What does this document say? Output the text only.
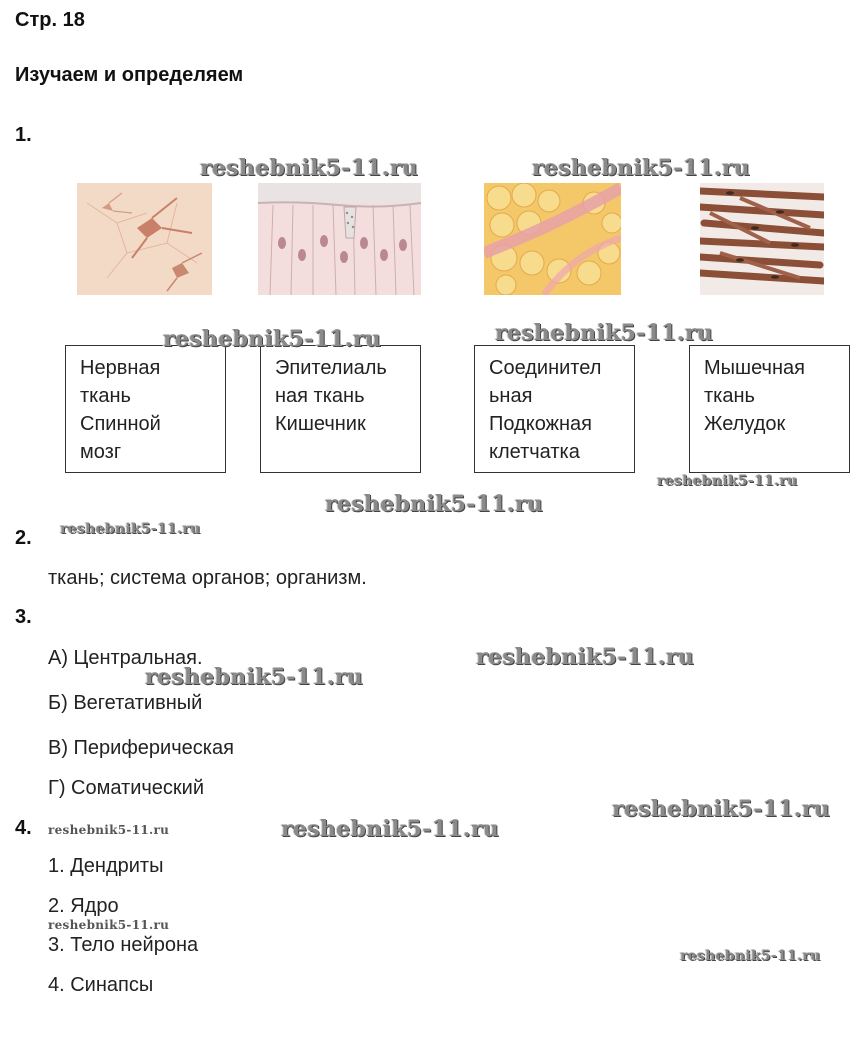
Стр. 18
Изучаем и определяем
1.
Нервная
ткань
Спинной
мозг
Эпителиаль
ная ткань
Кишечник
Соединител
ьная
Подкожная
клетчатка
Мышечная
ткань
Желудок
2.
ткань; система органов; организм.
3.
А) Центральная.
Б) Вегетативный
В) Периферическая
Г) Соматический
4.
1. Дендриты
2. Ядро
3. Тело нейрона
4. Синапсы
reshebnik5-11.ru	reshebnik5-11.ru
reshebnik5-11.ru	reshebnik5-11.ru
reshebnik5-11.ru
reshebnik5-11.ru
reshebnik5-11.ru
reshebnik5-11.ru
reshebnik5-11.ru
reshebnik5-11.ru
reshebnik5-11.ru
reshebnik5-11.ru
reshebnik5-11.ru
reshebnik5-11.ru
